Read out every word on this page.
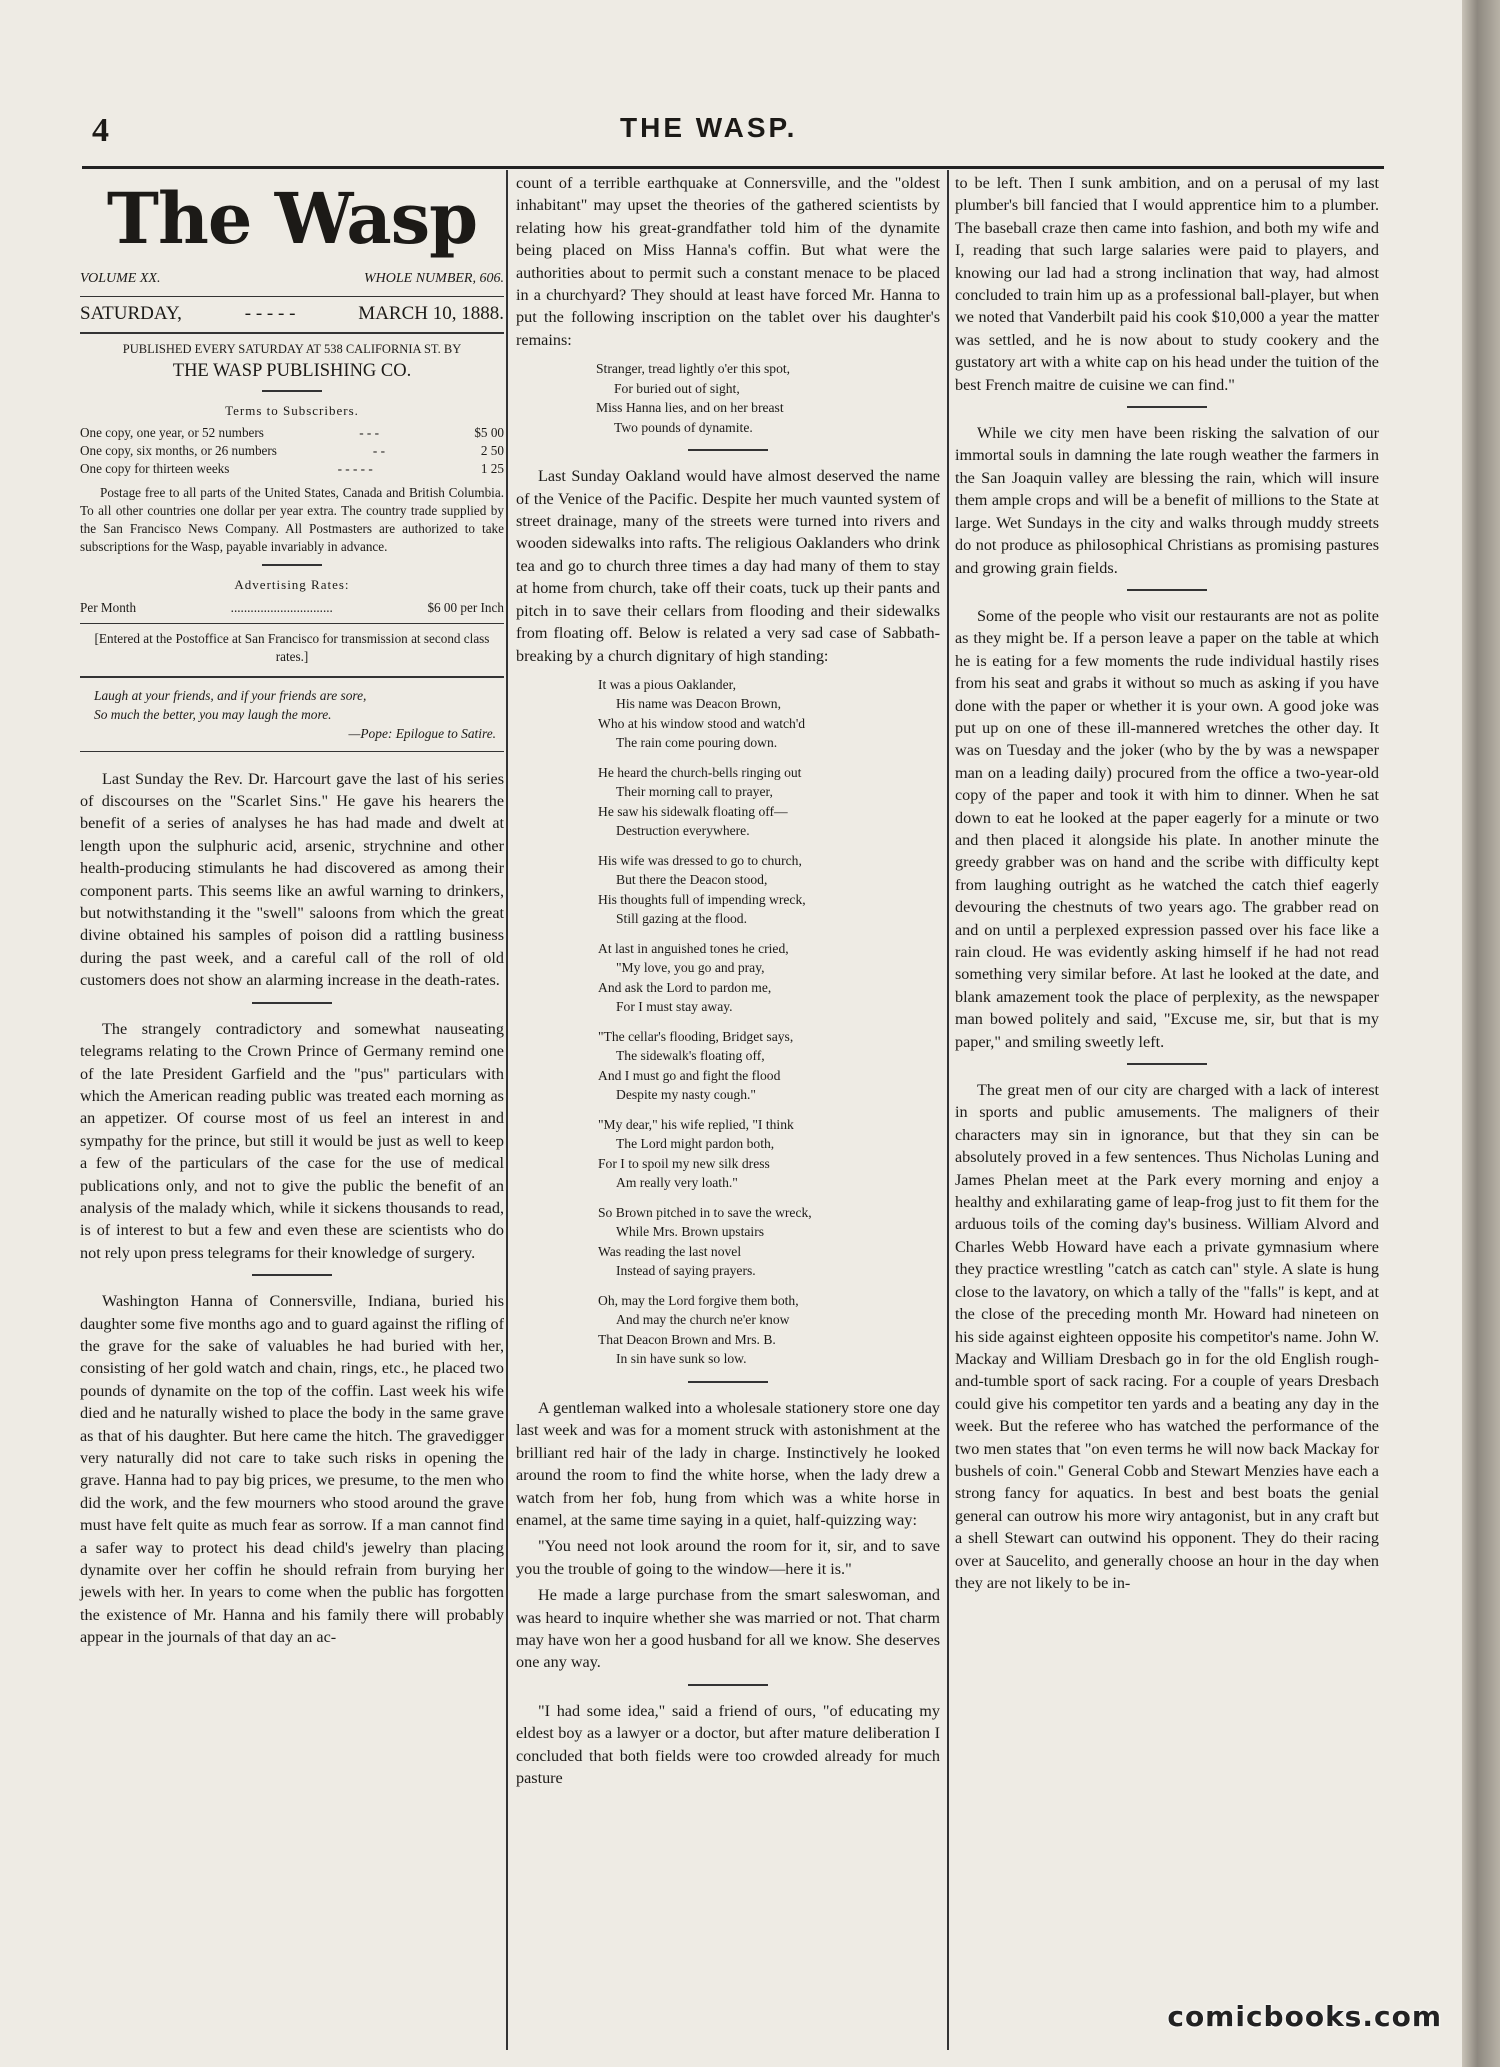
4	THE WASP.
The Wasp
VOLUME XX.	WHOLE NUMBER, 606.
SATURDAY,	- - - - -	MARCH 10, 1888.
PUBLISHED EVERY SATURDAY AT 538 CALIFORNIA ST. BY
THE WASP PUBLISHING CO.
Terms to Subscribers.
One copy, one year, or 52 numbers	- - -	$5 00
One copy, six months, or 26 numbers	- -	2 50
One copy for thirteen weeks	- - - - -	1 25
Postage free to all parts of the United States, Canada and British Columbia. To all other countries one dollar per year extra. The country trade supplied by the San Francisco News Company. All Postmasters are authorized to take subscriptions for the Wasp, payable invariably in advance.
Advertising Rates:
Per Month	...............................	$6 00 per Inch
[Entered at the Postoffice at San Francisco for transmission at second class rates.]
Laugh at your friends, and if your friends are sore,
So much the better, you may laugh the more.
—Pope: Epilogue to Satire.

Last Sunday the Rev. Dr. Harcourt gave the last of his series of discourses on the "Scarlet Sins." He gave his hearers the benefit of a series of analyses he has had made and dwelt at length upon the sulphuric acid, arsenic, strychnine and other health-producing stimulants he had discovered as among their component parts. This seems like an awful warning to drinkers, but notwithstanding it the "swell" saloons from which the great divine obtained his samples of poison did a rattling business during the past week, and a careful call of the roll of old customers does not show an alarming increase in the death-rates.

The strangely contradictory and somewhat nauseating telegrams relating to the Crown Prince of Germany remind one of the late President Garfield and the "pus" particulars with which the American reading public was treated each morning as an appetizer. Of course most of us feel an interest in and sympathy for the prince, but still it would be just as well to keep a few of the particulars of the case for the use of medical publications only, and not to give the public the benefit of an analysis of the malady which, while it sickens thousands to read, is of interest to but a few and even these are scientists who do not rely upon press telegrams for their knowledge of surgery.

Washington Hanna of Connersville, Indiana, buried his daughter some five months ago and to guard against the rifling of the grave for the sake of valuables he had buried with her, consisting of her gold watch and chain, rings, etc., he placed two pounds of dynamite on the top of the coffin. Last week his wife died and he naturally wished to place the body in the same grave as that of his daughter. But here came the hitch. The gravedigger very naturally did not care to take such risks in opening the grave. Hanna had to pay big prices, we presume, to the men who did the work, and the few mourners who stood around the grave must have felt quite as much fear as sorrow. If a man cannot find a safer way to protect his dead child's jewelry than placing dynamite over her coffin he should refrain from burying her jewels with her. In years to come when the public has forgotten the existence of Mr. Hanna and his family there will probably appear in the journals of that day an ac-

count of a terrible earthquake at Connersville, and the "oldest inhabitant" may upset the theories of the gathered scientists by relating how his great-grandfather told him of the dynamite being placed on Miss Hanna's coffin. But what were the authorities about to permit such a constant menace to be placed in a churchyard? They should at least have forced Mr. Hanna to put the following inscription on the tablet over his daughter's remains:

Stranger, tread lightly o'er this spot,
For buried out of sight,
Miss Hanna lies, and on her breast
Two pounds of dynamite.

Last Sunday Oakland would have almost deserved the name of the Venice of the Pacific. Despite her much vaunted system of street drainage, many of the streets were turned into rivers and wooden sidewalks into rafts. The religious Oaklanders who drink tea and go to church three times a day had many of them to stay at home from church, take off their coats, tuck up their pants and pitch in to save their cellars from flooding and their sidewalks from floating off. Below is related a very sad case of Sabbath-breaking by a church dignitary of high standing:

It was a pious Oaklander,
His name was Deacon Brown,
Who at his window stood and watch'd
The rain come pouring down.
He heard the church-bells ringing out
Their morning call to prayer,
He saw his sidewalk floating off—
Destruction everywhere.
His wife was dressed to go to church,
But there the Deacon stood,
His thoughts full of impending wreck,
Still gazing at the flood.
At last in anguished tones he cried,
"My love, you go and pray,
And ask the Lord to pardon me,
For I must stay away.
"The cellar's flooding, Bridget says,
The sidewalk's floating off,
And I must go and fight the flood
Despite my nasty cough."
"My dear," his wife replied, "I think
The Lord might pardon both,
For I to spoil my new silk dress
Am really very loath."
So Brown pitched in to save the wreck,
While Mrs. Brown upstairs
Was reading the last novel
Instead of saying prayers.
Oh, may the Lord forgive them both,
And may the church ne'er know
That Deacon Brown and Mrs. B.
In sin have sunk so low.

A gentleman walked into a wholesale stationery store one day last week and was for a moment struck with astonishment at the brilliant red hair of the lady in charge. Instinctively he looked around the room to find the white horse, when the lady drew a watch from her fob, hung from which was a white horse in enamel, at the same time saying in a quiet, half-quizzing way:

"You need not look around the room for it, sir, and to save you the trouble of going to the window—here it is."

He made a large purchase from the smart saleswoman, and was heard to inquire whether she was married or not. That charm may have won her a good husband for all we know. She deserves one any way.

"I had some idea," said a friend of ours, "of educating my eldest boy as a lawyer or a doctor, but after mature deliberation I concluded that both fields were too crowded already for much pasture

to be left. Then I sunk ambition, and on a perusal of my last plumber's bill fancied that I would apprentice him to a plumber. The baseball craze then came into fashion, and both my wife and I, reading that such large salaries were paid to players, and knowing our lad had a strong inclination that way, had almost concluded to train him up as a professional ball-player, but when we noted that Vanderbilt paid his cook $10,000 a year the matter was settled, and he is now about to study cookery and the gustatory art with a white cap on his head under the tuition of the best French maitre de cuisine we can find."

While we city men have been risking the salvation of our immortal souls in damning the late rough weather the farmers in the San Joaquin valley are blessing the rain, which will insure them ample crops and will be a benefit of millions to the State at large. Wet Sundays in the city and walks through muddy streets do not produce as philosophical Christians as promising pastures and growing grain fields.

Some of the people who visit our restaurants are not as polite as they might be. If a person leave a paper on the table at which he is eating for a few moments the rude individual hastily rises from his seat and grabs it without so much as asking if you have done with the paper or whether it is your own. A good joke was put up on one of these ill-mannered wretches the other day. It was on Tuesday and the joker (who by the by was a newspaper man on a leading daily) procured from the office a two-year-old copy of the paper and took it with him to dinner. When he sat down to eat he looked at the paper eagerly for a minute or two and then placed it alongside his plate. In another minute the greedy grabber was on hand and the scribe with difficulty kept from laughing outright as he watched the catch thief eagerly devouring the chestnuts of two years ago. The grabber read on and on until a perplexed expression passed over his face like a rain cloud. He was evidently asking himself if he had not read something very similar before. At last he looked at the date, and blank amazement took the place of perplexity, as the newspaper man bowed politely and said, "Excuse me, sir, but that is my paper," and smiling sweetly left.

The great men of our city are charged with a lack of interest in sports and public amusements. The maligners of their characters may sin in ignorance, but that they sin can be absolutely proved in a few sentences. Thus Nicholas Luning and James Phelan meet at the Park every morning and enjoy a healthy and exhilarating game of leap-frog just to fit them for the arduous toils of the coming day's business. William Alvord and Charles Webb Howard have each a private gymnasium where they practice wrestling "catch as catch can" style. A slate is hung close to the lavatory, on which a tally of the "falls" is kept, and at the close of the preceding month Mr. Howard had nineteen on his side against eighteen opposite his competitor's name. John W. Mackay and William Dresbach go in for the old English rough-and-tumble sport of sack racing. For a couple of years Dresbach could give his competitor ten yards and a beating any day in the week. But the referee who has watched the performance of the two men states that "on even terms he will now back Mackay for bushels of coin." General Cobb and Stewart Menzies have each a strong fancy for aquatics. In best and best boats the genial general can outrow his more wiry antagonist, but in any craft but a shell Stewart can outwind his opponent. They do their racing over at Saucelito, and generally choose an hour in the day when they are not likely to be in-

comicbooks.com
